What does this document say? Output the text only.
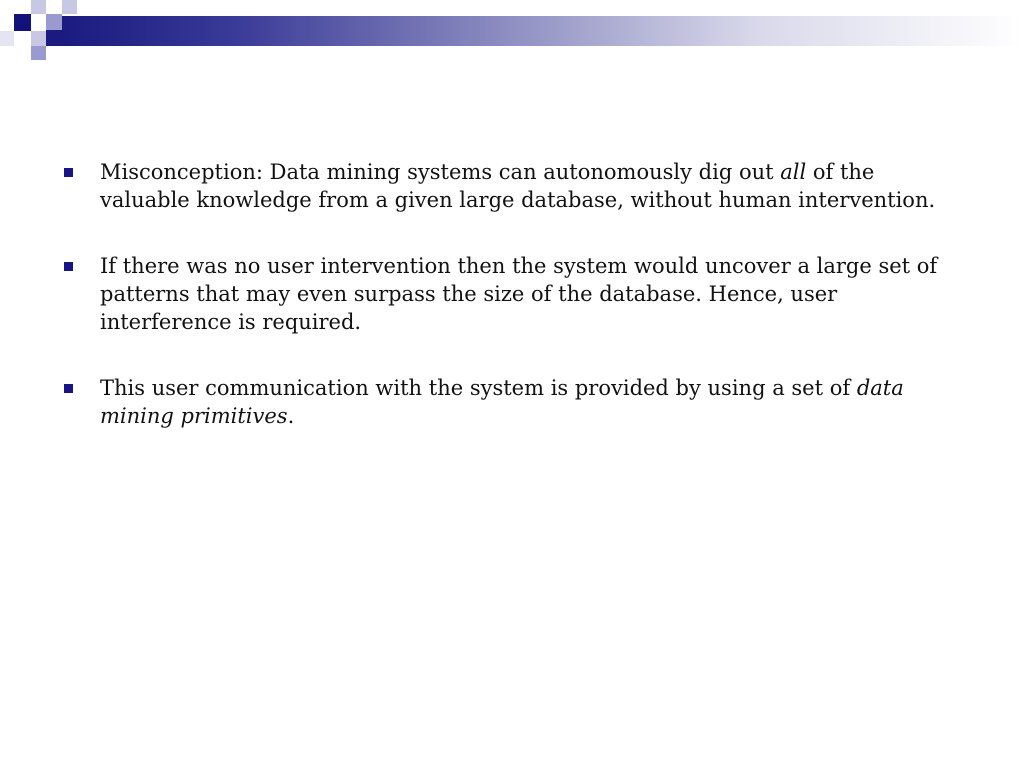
Misconception: Data mining systems can autonomously dig out all of the valuable knowledge from a given large database, without human intervention.
If there was no user intervention then the system would uncover a large set of patterns that may even surpass the size of the database. Hence, user interference is required.
This user communication with the system is provided by using a set of data mining primitives.
